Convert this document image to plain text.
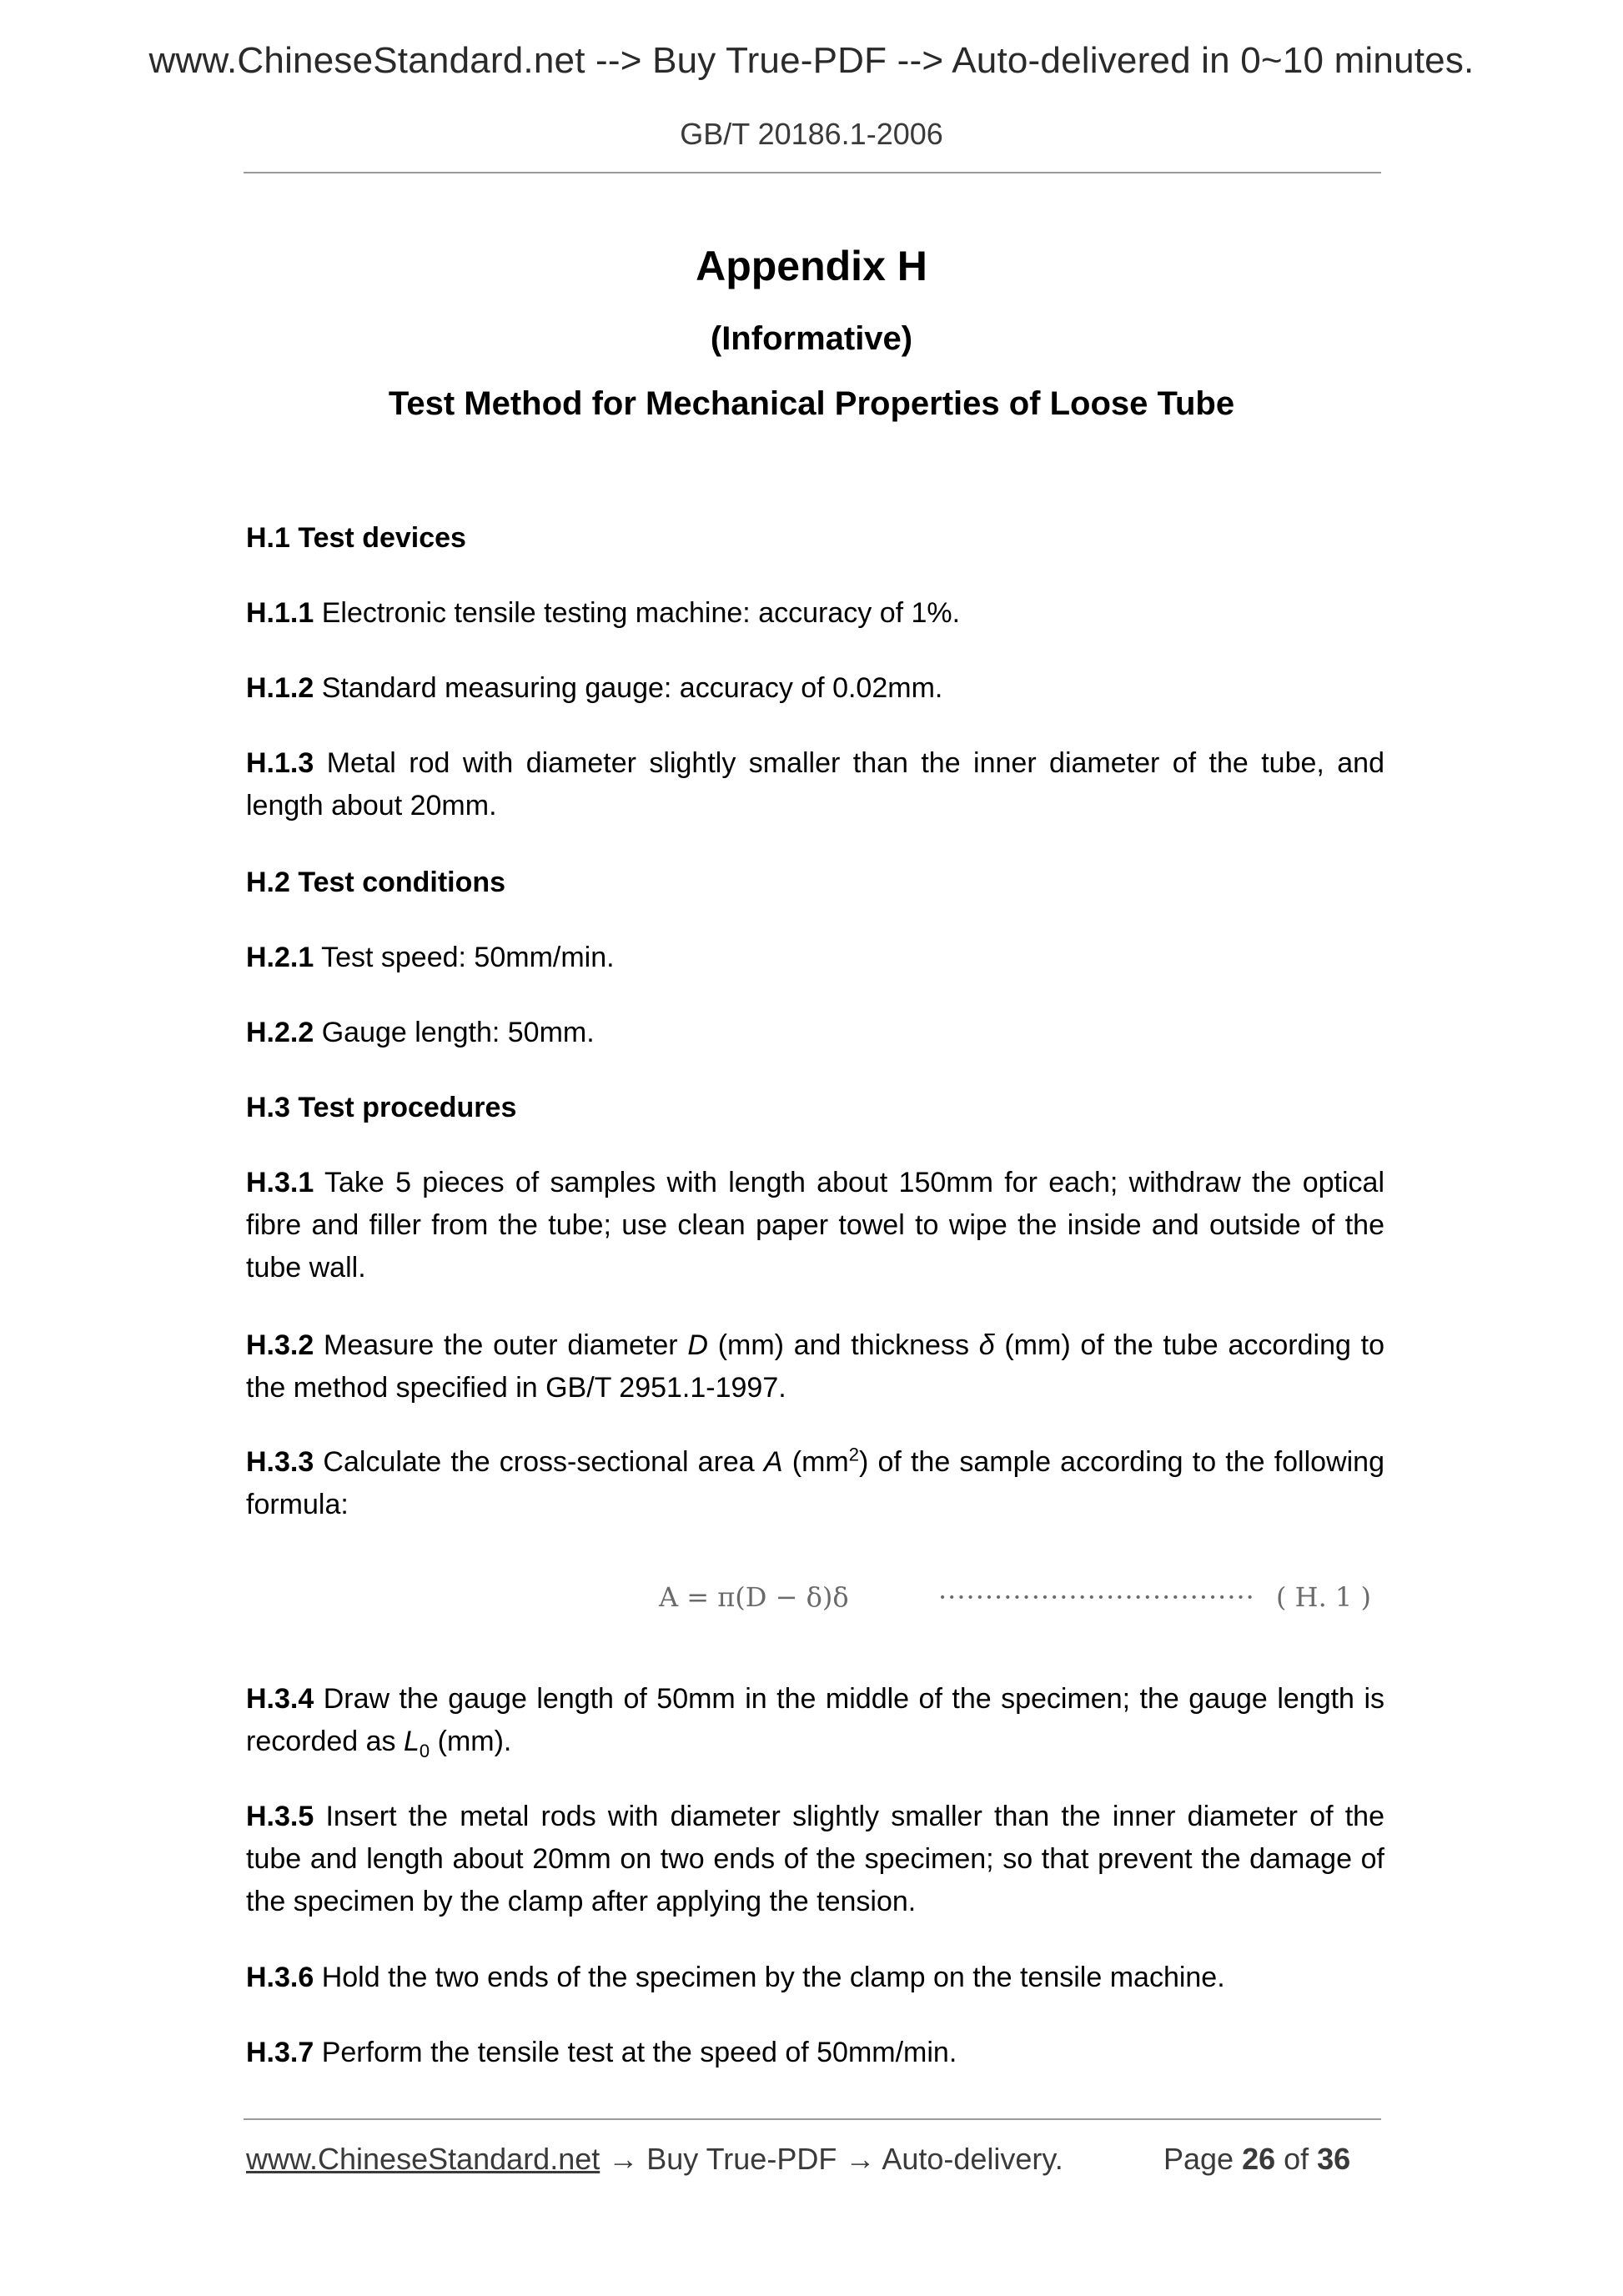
www.ChineseStandard.net --> Buy True-PDF --> Auto-delivered in 0~10 minutes.
GB/T 20186.1-2006
Appendix H
(Informative)
Test Method for Mechanical Properties of Loose Tube
H.1 Test devices
H.1.1 Electronic tensile testing machine: accuracy of 1%.
H.1.2 Standard measuring gauge: accuracy of 0.02mm.
H.1.3 Metal rod with diameter slightly smaller than the inner diameter of the tube, and length about 20mm.
H.2 Test conditions
H.2.1 Test speed: 50mm/min.
H.2.2 Gauge length: 50mm.
H.3 Test procedures
H.3.1 Take 5 pieces of samples with length about 150mm for each; withdraw the optical fibre and filler from the tube; use clean paper towel to wipe the inside and outside of the tube wall.
H.3.2 Measure the outer diameter D (mm) and thickness δ (mm) of the tube according to the method specified in GB/T 2951.1-1997.
H.3.3 Calculate the cross-sectional area A $(mm^2)$ of the sample according to the following formula:
A = π(D − δ)δ	·································· ( H. 1 )
H.3.4 Draw the gauge length of 50mm in the middle of the specimen; the gauge length is recorded as $L_0$ (mm).
H.3.5 Insert the metal rods with diameter slightly smaller than the inner diameter of the tube and length about 20mm on two ends of the specimen; so that prevent the damage of the specimen by the clamp after applying the tension.
H.3.6 Hold the two ends of the specimen by the clamp on the tensile machine.
H.3.7 Perform the tensile test at the speed of 50mm/min.
www.ChineseStandard.net → Buy True-PDF → Auto-delivery.	Page 26 of 36
